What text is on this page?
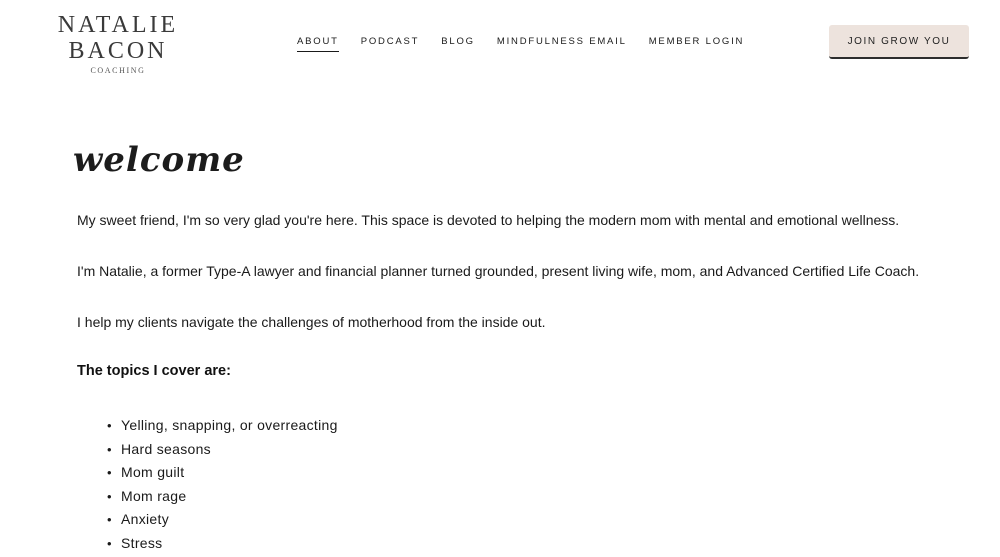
NATALIE
BACON
COACHING
ABOUT PODCAST BLOG MINDFULNESS EMAIL MEMBER LOGIN	JOIN GROW YOU
welcome

My sweet friend, I'm so very glad you're here. This space is devoted to helping the modern mom with mental and emotional wellness.

I'm Natalie, a former Type-A lawyer and financial planner turned grounded, present living wife, mom, and Advanced Certified Life Coach.

I help my clients navigate the challenges of motherhood from the inside out.

The topics I cover are:
• Yelling, snapping, or overreacting
• Hard seasons
• Mom guilt
• Mom rage
• Anxiety
• Stress
